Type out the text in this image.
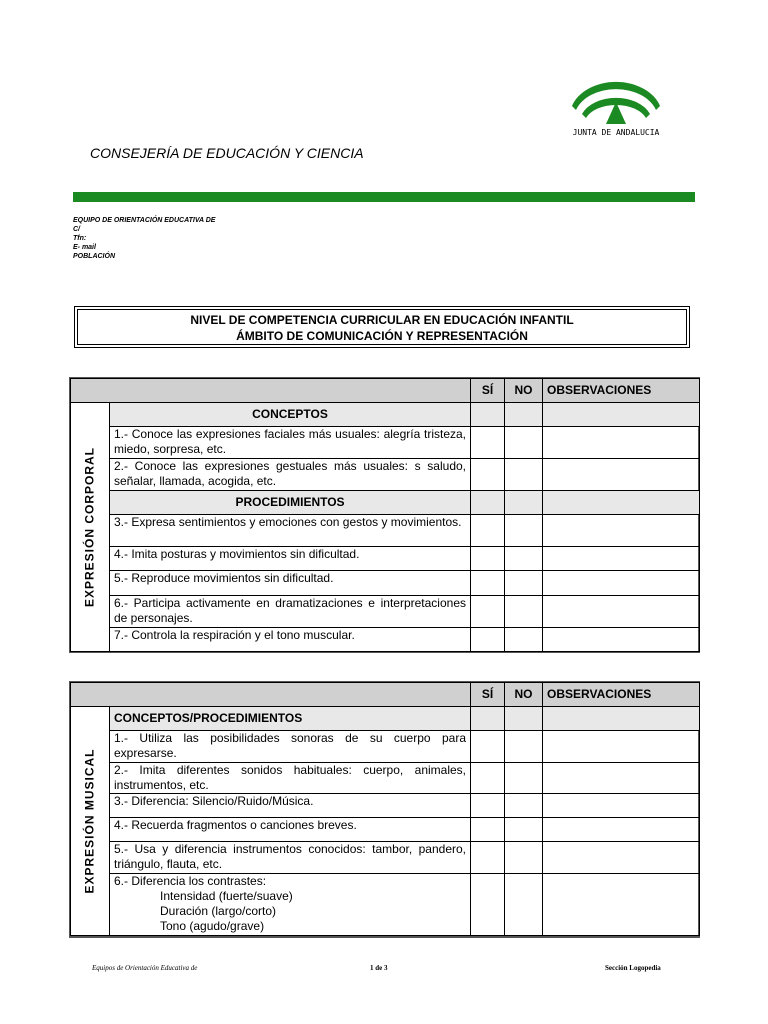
JUNTA DE ANDALUCIA
CONSEJERÍA DE EDUCACIÓN Y CIENCIA
EQUIPO DE ORIENTACIÓN EDUCATIVA DE
C/
Tfn:
E- mail
POBLACIÓN
NIVEL DE COMPETENCIA CURRICULAR EN EDUCACIÓN INFANTIL
ÁMBITO DE COMUNICACIÓN Y REPRESENTACIÓN
		SÍ	NO	OBSERVACIONES

EXPRESIÓN CORPORAL	CONCEPTOS			
	1.- Conoce las expresiones faciales más usuales: alegría tristeza, miedo, sorpresa, etc.			
	2.- Conoce las expresiones gestuales más usuales: s saludo, señalar, llamada, acogida, etc.			
	PROCEDIMIENTOS			
	3.- Expresa sentimientos y emociones con gestos y movimientos.			
	4.- Imita posturas y movimientos sin dificultad.			
	5.- Reproduce movimientos sin dificultad.			
	6.- Participa activamente en dramatizaciones e interpretaciones de personajes.			
	7.- Controla la respiración y el tono muscular.			
		SÍ	NO	OBSERVACIONES

EXPRESIÓN MUSICAL	CONCEPTOS/PROCEDIMIENTOS			
	1.- Utiliza las posibilidades sonoras de su cuerpo para expresarse.			
	2.- Imita diferentes sonidos habituales: cuerpo, animales, instrumentos, etc.			
	3.- Diferencia: Silencio/Ruido/Música.			
	4.- Recuerda fragmentos o canciones breves.			
	5.- Usa y diferencia instrumentos conocidos: tambor, pandero, triángulo, flauta, etc.			
	6.- Diferencia los contrastes:
Intensidad (fuerte/suave)
Duración (largo/corto)
Tono (agudo/grave)			

Equipos de Orientación Educativa de	1 de 3	Sección Logopedia
